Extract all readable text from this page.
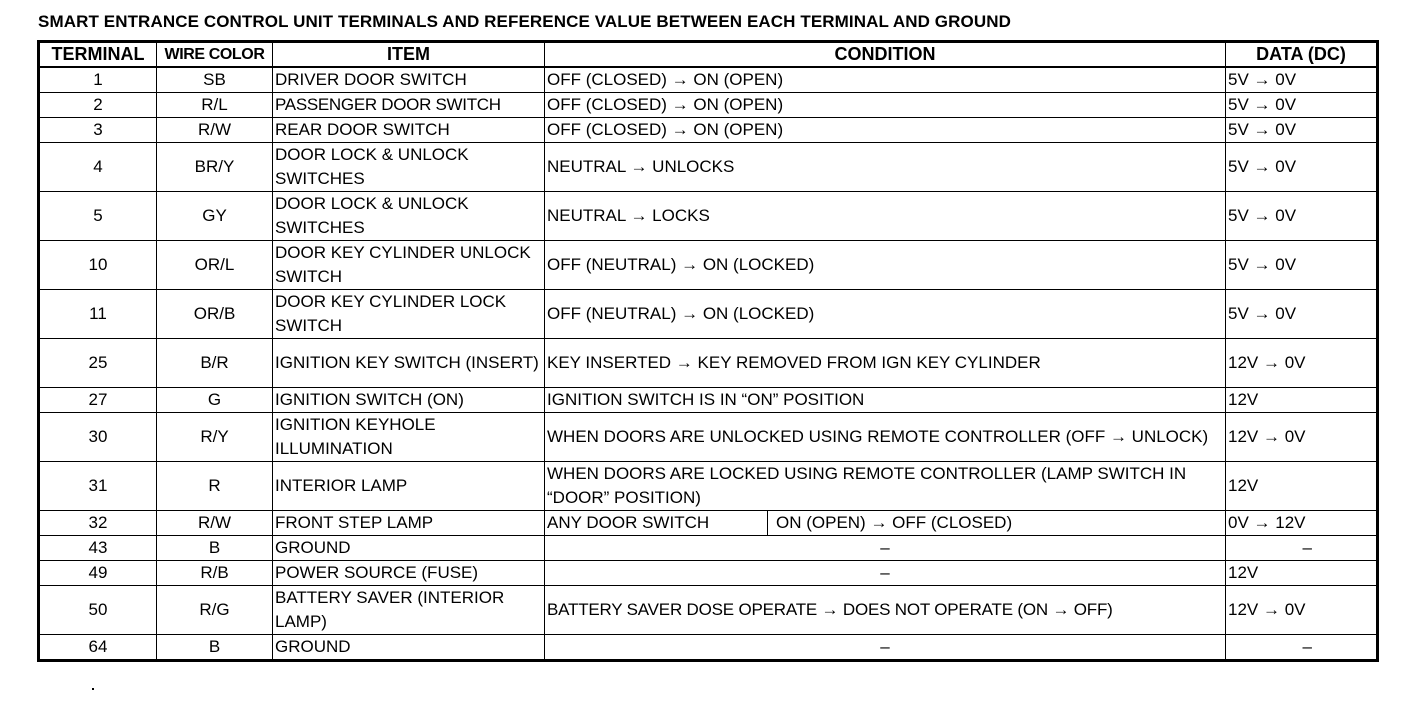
SMART ENTRANCE CONTROL UNIT TERMINALS AND REFERENCE VALUE BETWEEN EACH TERMINAL AND GROUND
TERMINAL	WIRE COLOR	ITEM	CONDITION	DATA (DC)
1	SB	DRIVER DOOR SWITCH	OFF (CLOSED) → ON (OPEN)	5V → 0V
2	R/L	PASSENGER DOOR SWITCH	OFF (CLOSED) → ON (OPEN)	5V → 0V
3	R/W	REAR DOOR SWITCH	OFF (CLOSED) → ON (OPEN)	5V → 0V
4	BR/Y	DOOR LOCK & UNLOCK SWITCHES	NEUTRAL → UNLOCKS	5V → 0V
5	GY	DOOR LOCK & UNLOCK SWITCHES	NEUTRAL → LOCKS	5V → 0V
10	OR/L	DOOR KEY CYLINDER UNLOCK SWITCH	OFF (NEUTRAL) → ON (LOCKED)	5V → 0V
11	OR/B	DOOR KEY CYLINDER LOCK SWITCH	OFF (NEUTRAL) → ON (LOCKED)	5V → 0V
25	B/R	IGNITION KEY SWITCH (INSERT)	KEY INSERTED → KEY REMOVED FROM IGN KEY CYLINDER	12V → 0V
27	G	IGNITION SWITCH (ON)	IGNITION SWITCH IS IN “ON” POSITION	12V
30	R/Y	IGNITION KEYHOLE ILLUMINATION	WHEN DOORS ARE UNLOCKED USING REMOTE CONTROLLER (OFF → UNLOCK)	12V → 0V
31	R	INTERIOR LAMP	WHEN DOORS ARE LOCKED USING REMOTE CONTROLLER (LAMP SWITCH IN “DOOR” POSITION)	12V
32	R/W	FRONT STEP LAMP	ANY DOOR SWITCH ON (OPEN) → OFF (CLOSED)	0V → 12V
43	B	GROUND	–	–
49	R/B	POWER SOURCE (FUSE)	–	12V
50	R/G	BATTERY SAVER (INTERIOR LAMP)	BATTERY SAVER DOSE OPERATE → DOES NOT OPERATE (ON → OFF)	12V → 0V
64	B	GROUND	–	–
